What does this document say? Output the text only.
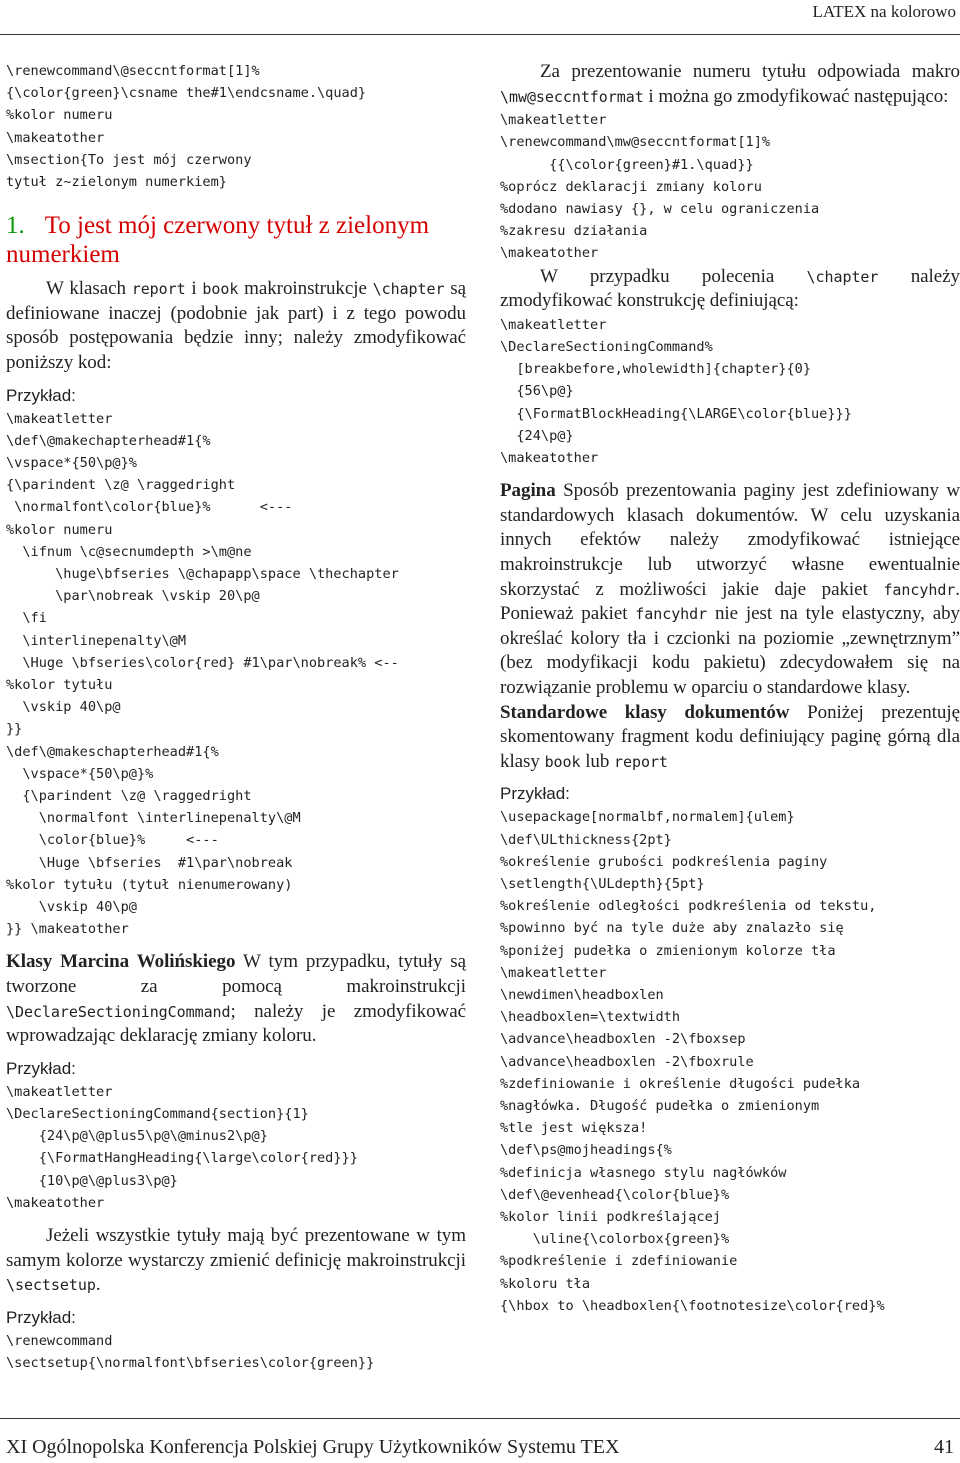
LATEX na kolorowo
\renewcommand\@seccntformat[1]%
{\color{green}\csname the#1\endcsname.\quad}
%kolor numeru
\makeatother
\msection{To jest mój czerwony
tytuł z~zielonym numerkiem}
1. To jest mój czerwony tytuł z zielonym numerkiem

W klasach report i book makroinstrukcje \chapter są definiowane inaczej (podobnie jak part) i z tego powodu sposób postępowania będzie inny; należy zmodyfikować poniższy kod:

Przykład:
\makeatletter
\def\@makechapterhead#1{%
\vspace*{50\p@}%
{\parindent \z@ \raggedright
\normalfont\color{blue}%      <---
%kolor numeru
\ifnum \c@secnumdepth >\m@ne
\huge\bfseries \@chapapp\space \thechapter
\par\nobreak \vskip 20\p@
\fi
\interlinepenalty\@M
\Huge \bfseries\color{red} #1\par\nobreak% <--
%kolor tytułu
\vskip 40\p@
}}
\def\@makeschapterhead#1{%
\vspace*{50\p@}%
{\parindent \z@ \raggedright
\normalfont \interlinepenalty\@M
\color{blue}%     <---
\Huge \bfseries  #1\par\nobreak
%kolor tytułu (tytuł nienumerowany)
\vskip 40\p@
}} \makeatother

Klasy Marcina Wolińskiego W tym przypadku, tytuły są tworzone za pomocą makroinstrukcji \DeclareSectioningCommand; należy je zmodyfikować wprowadzając deklarację zmiany koloru.

Przykład:
\makeatletter
\DeclareSectioningCommand{section}{1}
{24\p@\@plus5\p@\@minus2\p@}
{\FormatHangHeading{\large\color{red}}}
{10\p@\@plus3\p@}
\makeatother

Jeżeli wszystkie tytuły mają być prezentowane w tym samym kolorze wystarczy zmienić definicję makroinstrukcji \sectsetup.

Przykład:
\renewcommand
\sectsetup{\normalfont\bfseries\color{green}}

Za prezentowanie numeru tytułu odpowiada makro \mw@seccntformat i można go zmodyfikować następująco:

\makeatletter
\renewcommand\mw@seccntformat[1]%
{{\color{green}#1.\quad}}
%oprócz deklaracji zmiany koloru
%dodano nawiasy {}, w celu ograniczenia
%zakresu działania
\makeatother

W przypadku polecenia \chapter należy zmodyfikować konstrukcję definiującą:

\makeatletter
\DeclareSectioningCommand%
[breakbefore,wholewidth]{chapter}{0}
{56\p@}
{\FormatBlockHeading{\LARGE\color{blue}}}
{24\p@}
\makeatother

Pagina Sposób prezentowania paginy jest zdefiniowany w standardowych klasach dokumentów. W celu uzyskania innych efektów należy zmodyfikować istniejące makroinstrukcje lub utworzyć własne ewentualnie skorzystać z możliwości jakie daje pakiet fancyhdr. Ponieważ pakiet fancyhdr nie jest na tyle elastyczny, aby określać kolory tła i czcionki na poziomie „zewnętrznym” (bez modyfikacji kodu pakietu) zdecydowałem się na rozwiązanie problemu w oparciu o standardowe klasy.

Standardowe klasy dokumentów Poniżej prezentuję skomentowany fragment kodu definiujący paginę górną dla klasy book lub report

Przykład:
\usepackage[normalbf,normalem]{ulem}
\def\ULthickness{2pt}
%określenie grubości podkreślenia paginy
\setlength{\ULdepth}{5pt}
%określenie odległości podkreślenia od tekstu,
%powinno być na tyle duże aby znalazło się
%poniżej pudełka o zmienionym kolorze tła
\makeatletter
\newdimen\headboxlen
\headboxlen=\textwidth
\advance\headboxlen -2\fboxsep
\advance\headboxlen -2\fboxrule
%zdefiniowanie i określenie długości pudełka
%nagłówka. Długość pudełka o zmienionym
%tle jest większa!
\def\ps@mojheadings{%
%definicja własnego stylu nagłówków
\def\@evenhead{\color{blue}%
%kolor linii podkreślającej
\uline{\colorbox{green}%
%podkreślenie i zdefiniowanie
%koloru tła
{\hbox to \headboxlen{\footnotesize\color{red}%
XI Ogólnopolska Konferencja Polskiej Grupy Użytkowników Systemu TEX	41
